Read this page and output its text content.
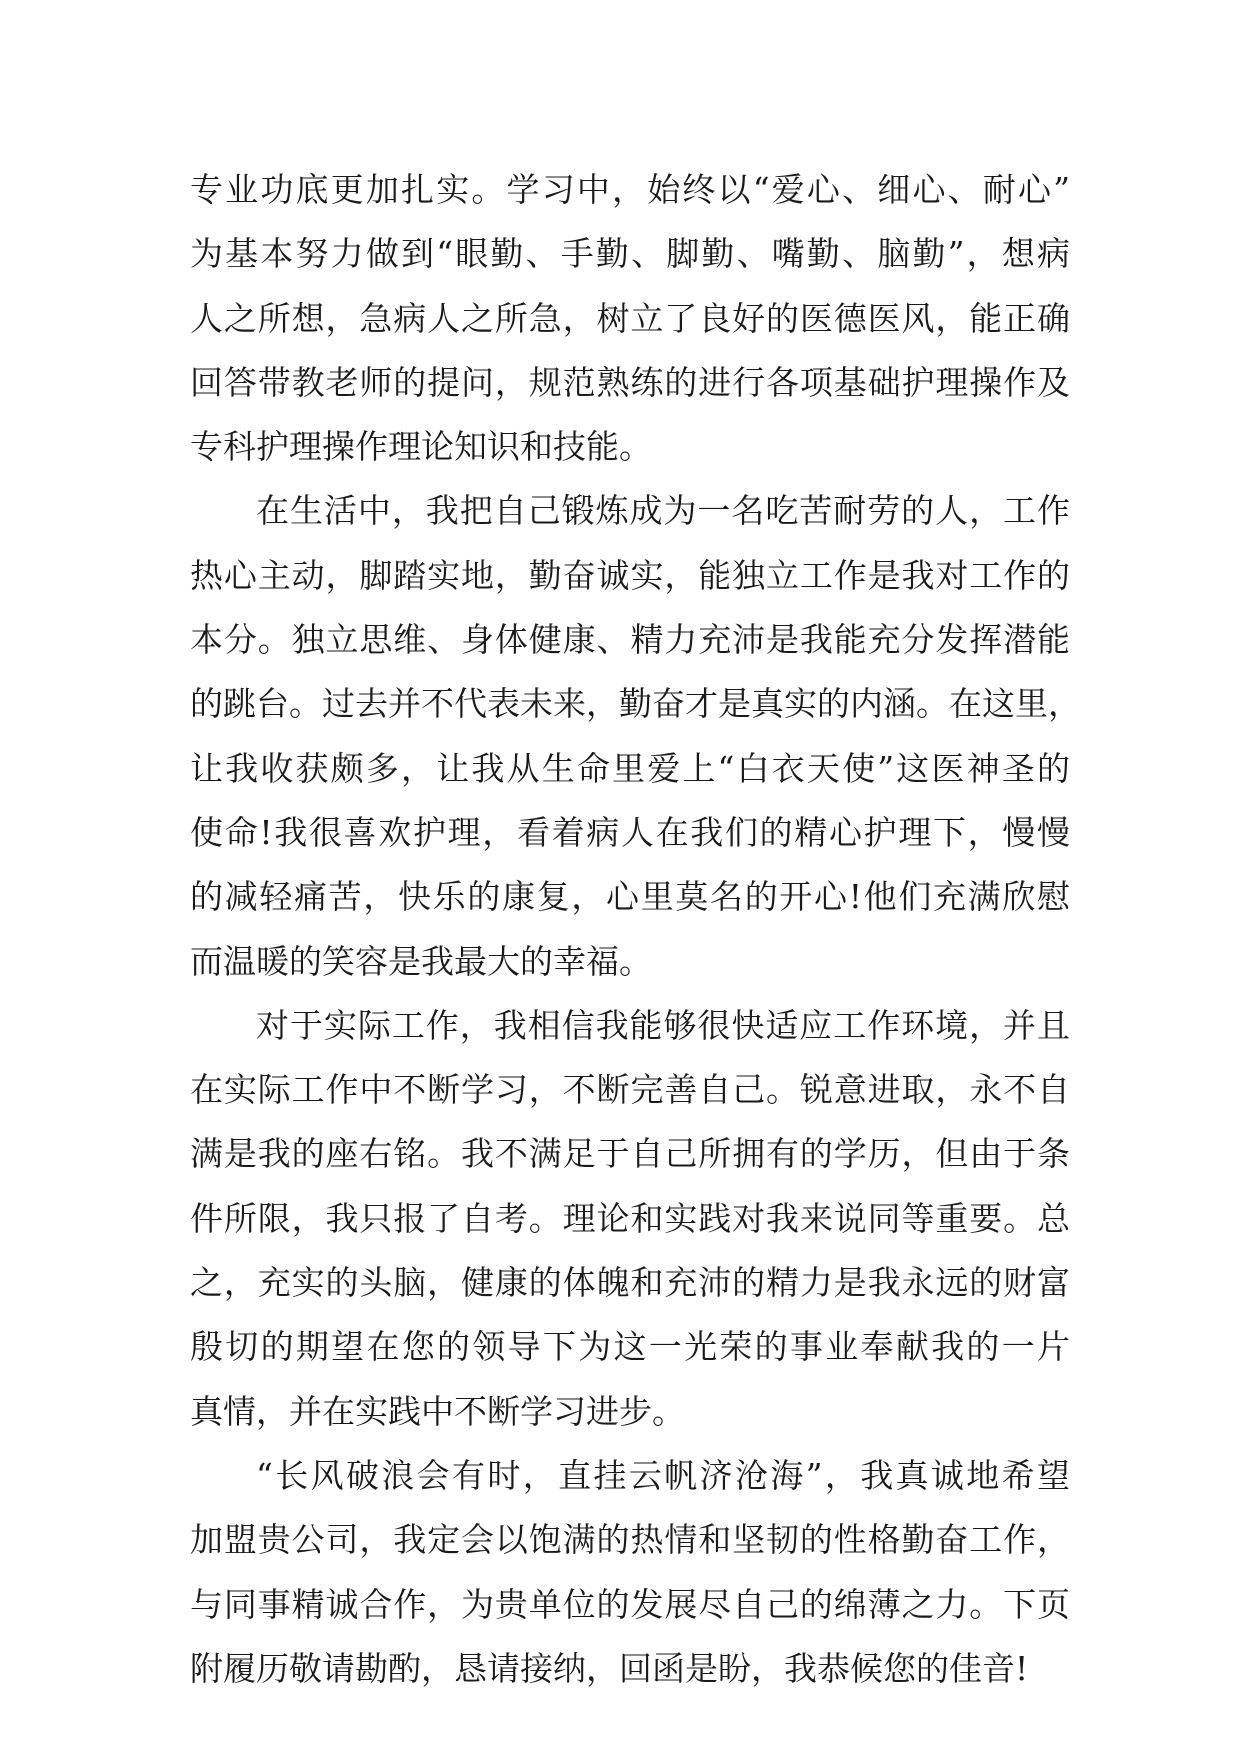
专业功底更加扎实。学习中，始终以“爱心、细心、耐心”
为基本努力做到“眼勤、手勤、脚勤、嘴勤、脑勤”，想病
人之所想，急病人之所急，树立了良好的医德医风，能正确
回答带教老师的提问，规范熟练的进行各项基础护理操作及
专科护理操作理论知识和技能。
在生活中，我把自己锻炼成为一名吃苦耐劳的人，工作
热心主动，脚踏实地，勤奋诚实，能独立工作是我对工作的
本分。独立思维、身体健康、精力充沛是我能充分发挥潜能
的跳台。过去并不代表未来，勤奋才是真实的内涵。在这里，
让我收获颇多，让我从生命里爱上“白衣天使”这医神圣的
使命!我很喜欢护理，看着病人在我们的精心护理下，慢慢
的减轻痛苦，快乐的康复，心里莫名的开心!他们充满欣慰
而温暖的笑容是我最大的幸福。
对于实际工作，我相信我能够很快适应工作环境，并且
在实际工作中不断学习，不断完善自己。锐意进取，永不自
满是我的座右铭。我不满足于自己所拥有的学历，但由于条
件所限，我只报了自考。理论和实践对我来说同等重要。总
之，充实的头脑，健康的体魄和充沛的精力是我永远的财富
殷切的期望在您的领导下为这一光荣的事业奉献我的一片
真情，并在实践中不断学习进步。
“长风破浪会有时，直挂云帆济沧海”，我真诚地希望
加盟贵公司，我定会以饱满的热情和坚韧的性格勤奋工作，
与同事精诚合作，为贵单位的发展尽自己的绵薄之力。下页
附履历敬请勘酌，恳请接纳，回函是盼，我恭候您的佳音!
